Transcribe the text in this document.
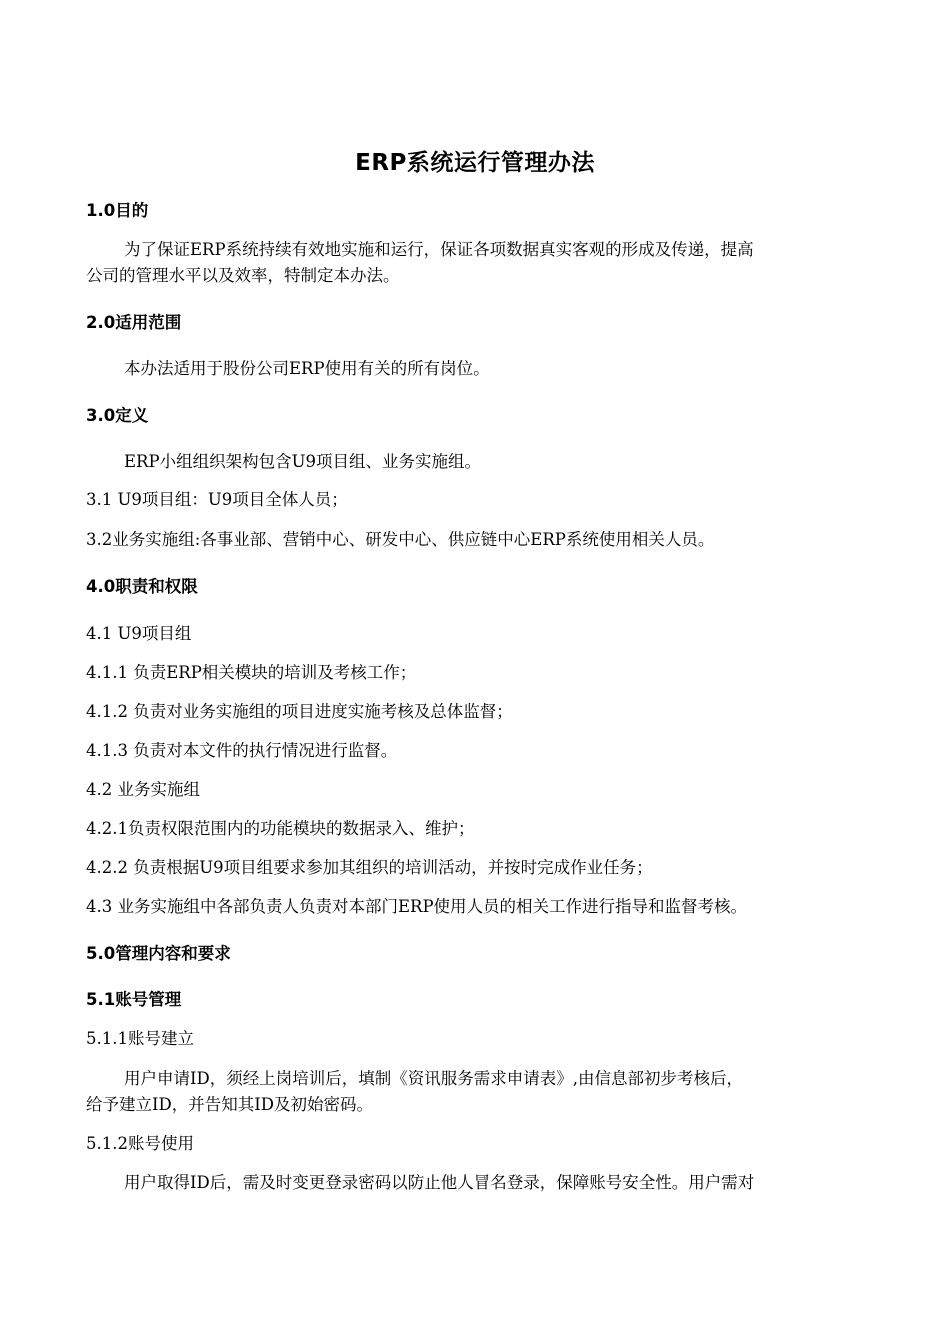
ERP系统运行管理办法
1.0目的
为了保证ERP系统持续有效地实施和运行，保证各项数据真实客观的形成及传递，提高
公司的管理水平以及效率，特制定本办法。
2.0适用范围
本办法适用于股份公司ERP使用有关的所有岗位。
3.0定义
ERP小组组织架构包含U9项目组、业务实施组。
3.1 U9项目组：U9项目全体人员；
3.2业务实施组:各事业部、营销中心、研发中心、供应链中心ERP系统使用相关人员。
4.0职责和权限
4.1 U9项目组
4.1.1 负责ERP相关模块的培训及考核工作；
4.1.2 负责对业务实施组的项目进度实施考核及总体监督；
4.1.3 负责对本文件的执行情况进行监督。
4.2 业务实施组
4.2.1负责权限范围内的功能模块的数据录入、维护；
4.2.2 负责根据U9项目组要求参加其组织的培训活动，并按时完成作业任务；
4.3 业务实施组中各部负责人负责对本部门ERP使用人员的相关工作进行指导和监督考核。
5.0管理内容和要求
5.1账号管理
5.1.1账号建立
用户申请ID，须经上岗培训后，填制《资讯服务需求申请表》,由信息部初步考核后，
给予建立ID，并告知其ID及初始密码。
5.1.2账号使用
用户取得ID后，需及时变更登录密码以防止他人冒名登录，保障账号安全性。用户需对
